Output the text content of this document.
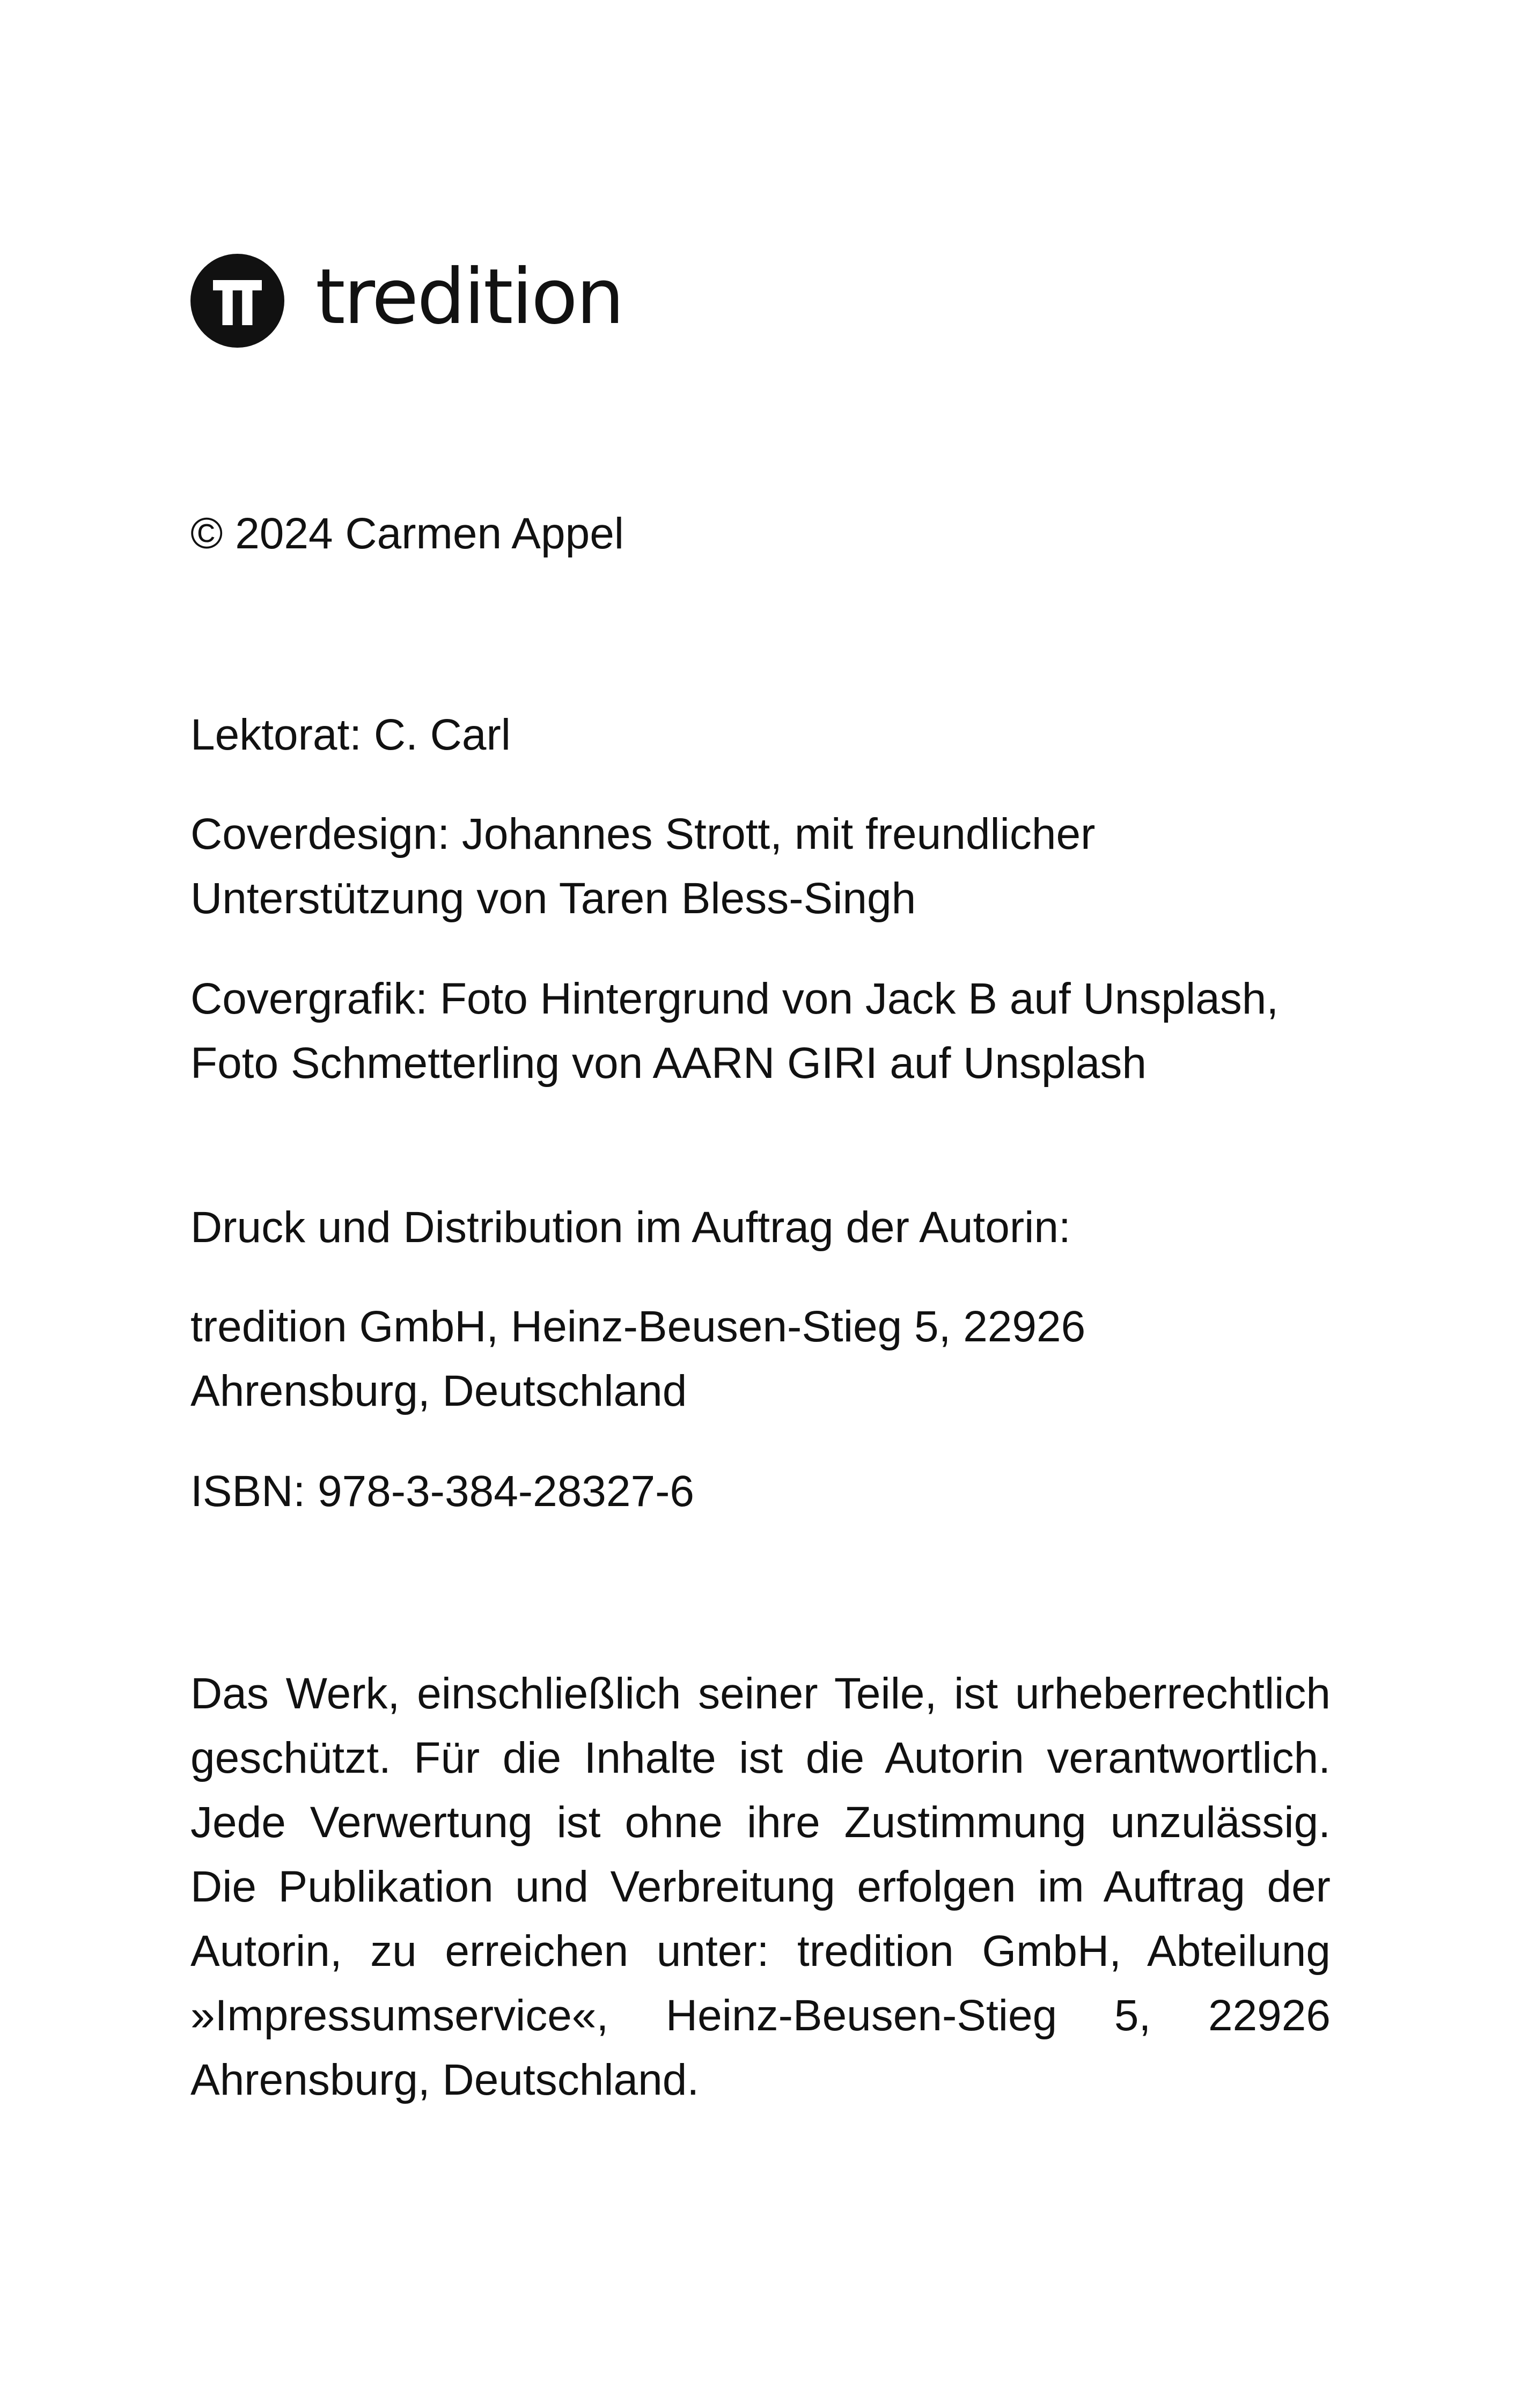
tredition

© 2024 Carmen Appel

Lektorat: C. Carl

Coverdesign: Johannes Strott, mit freundlicher
Unterstützung von Taren Bless-Singh
Covergrafik: Foto Hintergrund von Jack B auf Unsplash,
Foto Schmetterling von AARN GIRI auf Unsplash

Druck und Distribution im Auftrag der Autorin:

tredition GmbH, Heinz-Beusen-Stieg 5, 22926
Ahrensburg, Deutschland

ISBN: 978-3-384-28327-6

Das Werk, einschließlich seiner Teile, ist urheberrechtlich geschützt. Für die Inhalte ist die Autorin verantwortlich. Jede Verwertung ist ohne ihre Zustimmung unzulässig. Die Publikation und Verbreitung erfolgen im Auftrag der Autorin, zu erreichen unter: tredition GmbH, Abteilung »Impressumservice«, Heinz-Beusen-Stieg 5, 22926 Ahrensburg, Deutschland.
